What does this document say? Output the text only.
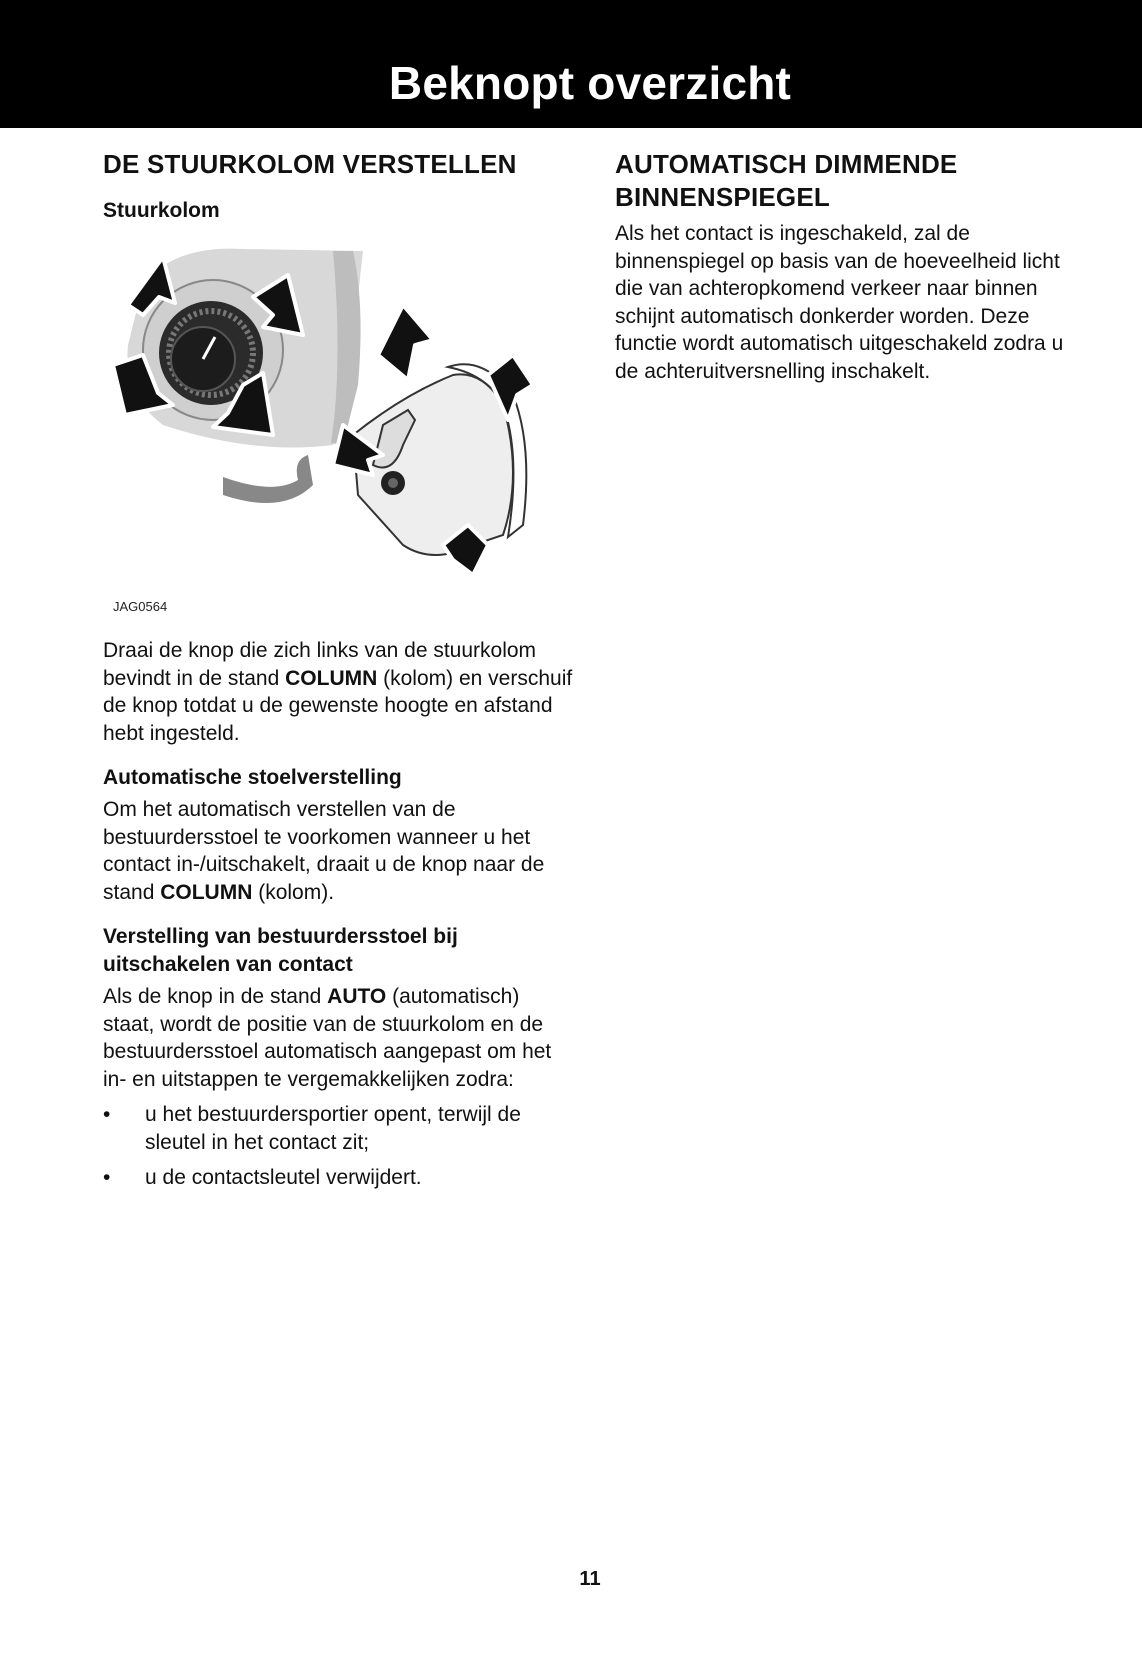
Beknopt overzicht
DE STUURKOLOM VERSTELLEN
Stuurkolom
JAG0564

Draai de knop die zich links van de stuurkolom bevindt in de stand COLUMN (kolom) en verschuif de knop totdat u de gewenste hoogte en afstand hebt ingesteld.

Automatische stoelverstelling

Om het automatisch verstellen van de bestuurdersstoel te voorkomen wanneer u het contact in-/uitschakelt, draait u de knop naar de stand COLUMN (kolom).

Verstelling van bestuurdersstoel bij uitschakelen van contact

Als de knop in de stand AUTO (automatisch) staat, wordt de positie van de stuurkolom en de bestuurdersstoel automatisch aangepast om het in- en uitstappen te vergemakkelijken zodra:

• u het bestuurdersportier opent, terwijl de sleutel in het contact zit;
• u de contactsleutel verwijdert.
AUTOMATISCH DIMMENDE BINNENSPIEGEL

Als het contact is ingeschakeld, zal de binnenspiegel op basis van de hoeveelheid licht die van achteropkomend verkeer naar binnen schijnt automatisch donkerder worden. Deze functie wordt automatisch uitgeschakeld zodra u de achteruitversnelling inschakelt.

11
